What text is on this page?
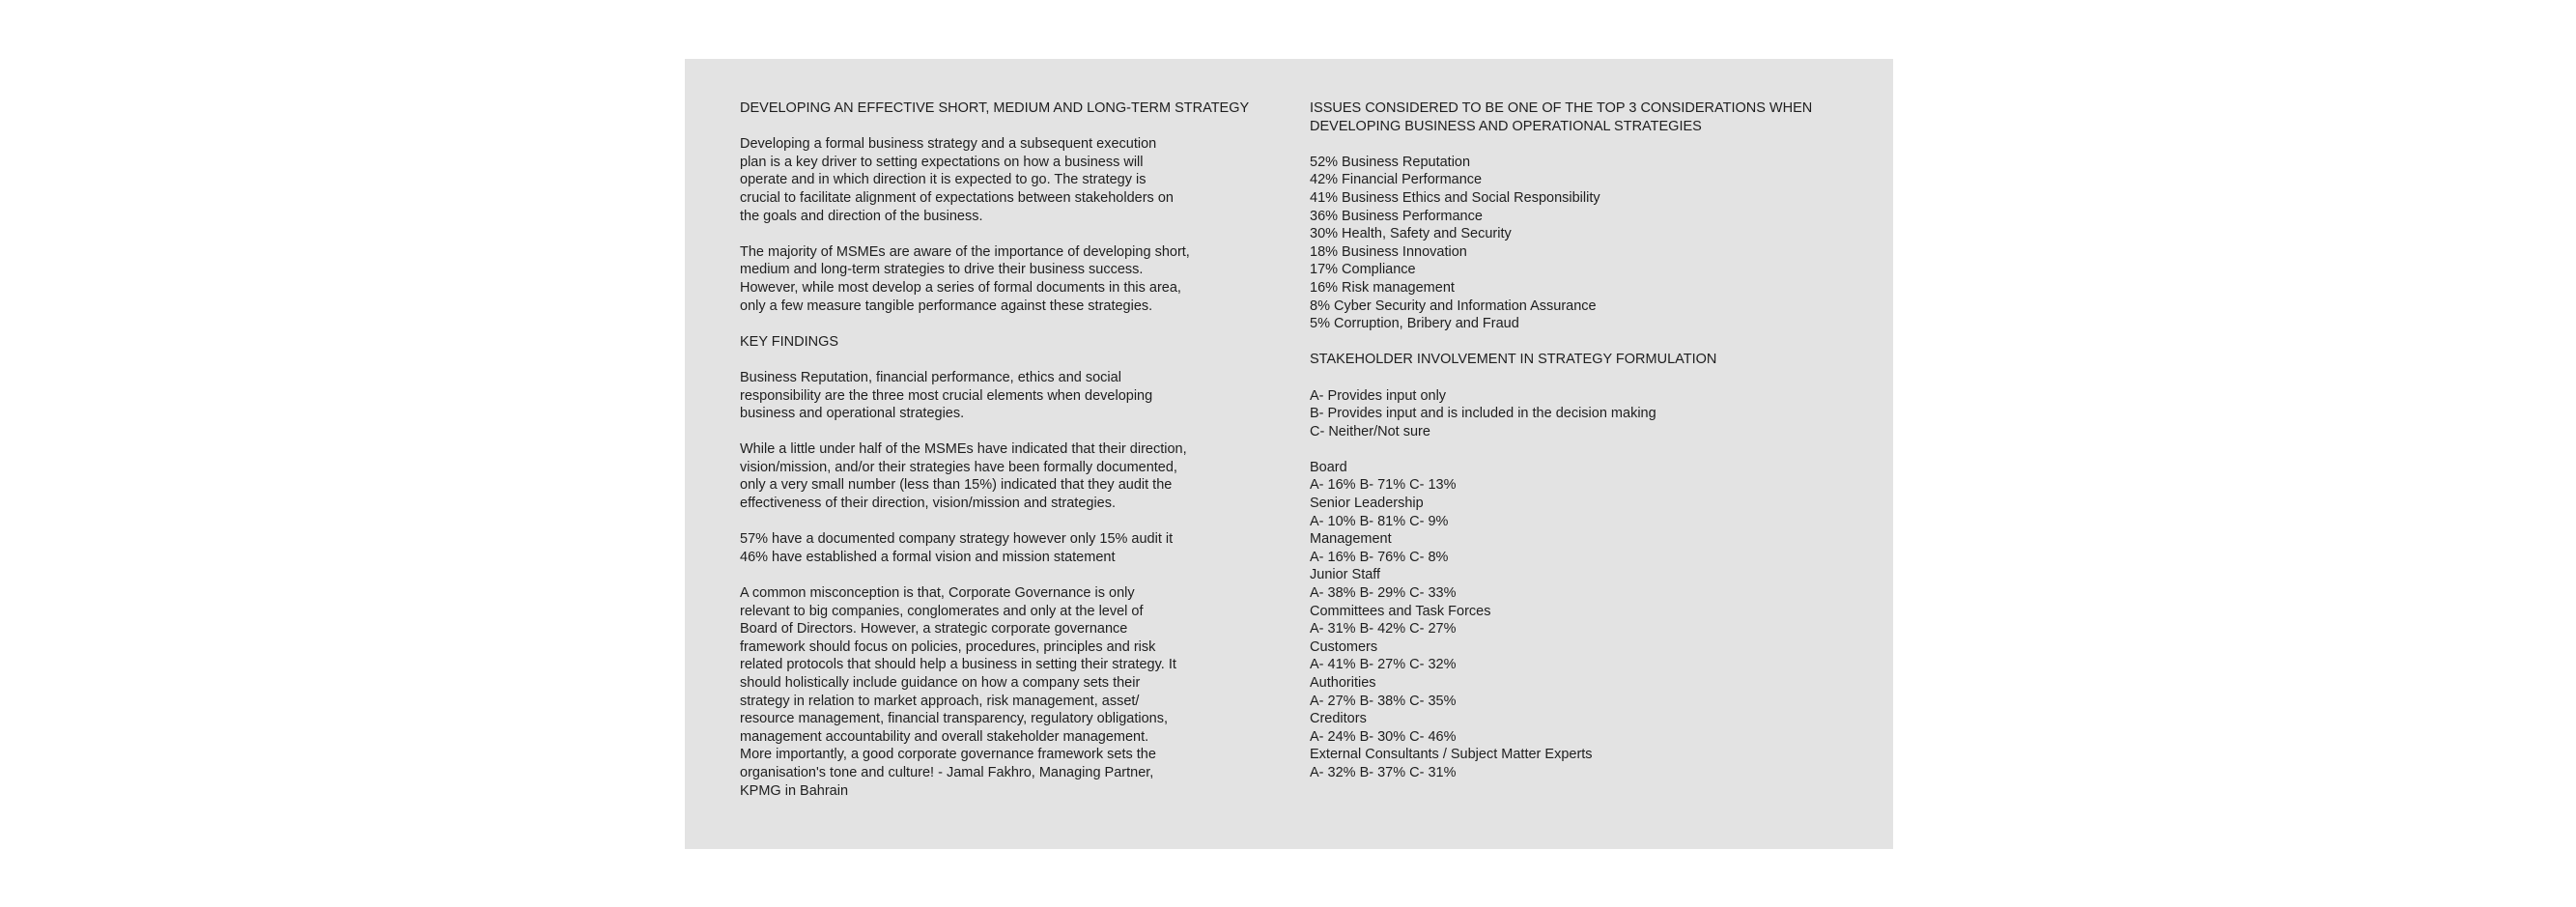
DEVELOPING AN EFFECTIVE SHORT, MEDIUM AND LONG-TERM STRATEGY
Developing a formal business strategy and a subsequent execution
plan is a key driver to setting expectations on how a business will
operate and in which direction it is expected to go. The strategy is
crucial to facilitate alignment of expectations between stakeholders on
the goals and direction of the business.
The majority of MSMEs are aware of the importance of developing short,
medium and long-term strategies to drive their business success.
However, while most develop a series of formal documents in this area,
only a few measure tangible performance against these strategies.
KEY FINDINGS
Business Reputation, financial performance, ethics and social
responsibility are the three most crucial elements when developing
business and operational strategies.
While a little under half of the MSMEs have indicated that their direction,
vision/mission, and/or their strategies have been formally documented,
only a very small number (less than 15%) indicated that they audit the
effectiveness of their direction, vision/mission and strategies.
57% have a documented company strategy however only 15% audit it
46% have established a formal vision and mission statement
A common misconception is that, Corporate Governance is only
relevant to big companies, conglomerates and only at the level of
Board of Directors. However, a strategic corporate governance
framework should focus on policies, procedures, principles and risk
related protocols that should help a business in setting their strategy. It
should holistically include guidance on how a company sets their
strategy in relation to market approach, risk management, asset/
resource management, financial transparency, regulatory obligations,
management accountability and overall stakeholder management.
More importantly, a good corporate governance framework sets the
organisation's tone and culture! - Jamal Fakhro, Managing Partner,
KPMG in Bahrain
ISSUES CONSIDERED TO BE ONE OF THE TOP 3 CONSIDERATIONS WHEN
DEVELOPING BUSINESS AND OPERATIONAL STRATEGIES
52% Business Reputation
42% Financial Performance
41% Business Ethics and Social Responsibility
36% Business Performance
30% Health, Safety and Security
18% Business Innovation
17% Compliance
16% Risk management
8% Cyber Security and Information Assurance
5% Corruption, Bribery and Fraud
STAKEHOLDER INVOLVEMENT IN STRATEGY FORMULATION
A- Provides input only
B- Provides input and is included in the decision making
C- Neither/Not sure
Board
A- 16% B- 71% C- 13%
Senior Leadership
A- 10% B- 81% C- 9%
Management
A- 16% B- 76% C- 8%
Junior Staff
A- 38% B- 29% C- 33%
Committees and Task Forces
A- 31% B- 42% C- 27%
Customers
A- 41% B- 27% C- 32%
Authorities
A- 27% B- 38% C- 35%
Creditors
A- 24% B- 30% C- 46%
External Consultants / Subject Matter Experts
A- 32% B- 37% C- 31%
